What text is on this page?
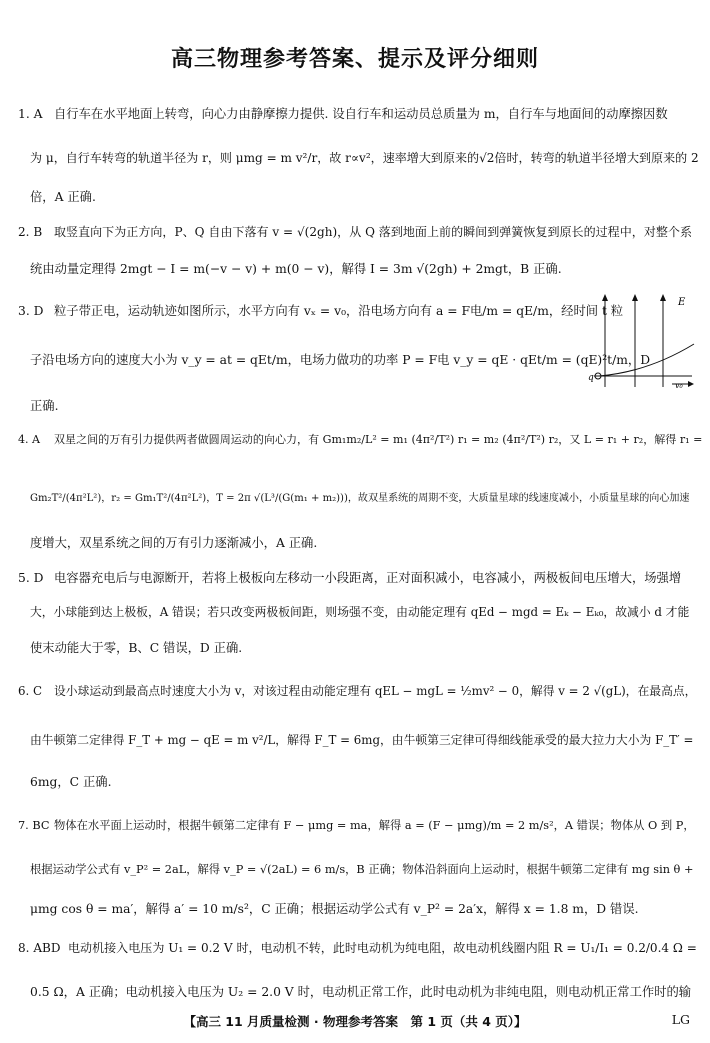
高三物理参考答案、提示及评分细则
1. A 自行车在水平地面上转弯，向心力由静摩擦力提供. 设自行车和运动员总质量为 m，自行车与地面间的动摩擦因数
为 μ，自行车转弯的轨道半径为 r，则 μmg = m v²/r，故 r∝v²，速率增大到原来的√2倍时，转弯的轨道半径增大到原来的 2
倍，A 正确.
2. B 取竖直向下为正方向，P、Q 自由下落有 v = √(2gh)，从 Q 落到地面上前的瞬间到弹簧恢复到原长的过程中，对整个系
统由动量定理得 2mgt − I = m(−v − v) + m(0 − v)，解得 I = 3m √(2gh) + 2mgt，B 正确.
3. D 粒子带正电，运动轨迹如图所示，水平方向有 vₓ = v₀，沿电场方向有 a = F电/m = qE/m，经时间 t 粒
子沿电场方向的速度大小为 v_y = at = qEt/m，电场力做功的功率 P = F电 v_y = qE · qEt/m = (qE)²t/m，D
正确.
E
q
v₀
4. A 双星之间的万有引力提供两者做圆周运动的向心力，有 Gm₁m₂/L² = m₁ (4π²/T²) r₁ = m₂ (4π²/T²) r₂，又 L = r₁ + r₂，解得 r₁ =
Gm₂T²/(4π²L²)，r₂ = Gm₁T²/(4π²L²)，T = 2π √(L³/(G(m₁ + m₂)))，故双星系统的周期不变，大质量星球的线速度减小，小质量星球的向心加速
度增大，双星系统之间的万有引力逐渐减小，A 正确.
5. D 电容器充电后与电源断开，若将上极板向左移动一小段距离，正对面积减小，电容减小，两极板间电压增大，场强增
大，小球能到达上极板，A 错误；若只改变两极板间距，则场强不变，由动能定理有 qEd − mgd = Eₖ − Eₖ₀，故减小 d 才能
使末动能大于零，B、C 错误，D 正确.
6. C 设小球运动到最高点时速度大小为 v，对该过程由动能定理有 qEL − mgL = ½mv² − 0，解得 v = 2 √(gL)，在最高点，
由牛顿第二定律得 F_T + mg − qE = m v²/L，解得 F_T = 6mg，由牛顿第三定律可得细线能承受的最大拉力大小为 F_T′ =
6mg，C 正确.
7. BC 物体在水平面上运动时，根据牛顿第二定律有 F − μmg = ma，解得 a = (F − μmg)/m = 2 m/s²，A 错误；物体从 O 到 P，
根据运动学公式有 v_P² = 2aL，解得 v_P = √(2aL) = 6 m/s，B 正确；物体沿斜面向上运动时，根据牛顿第二定律有 mg sin θ +
μmg cos θ = ma′，解得 a′ = 10 m/s²，C 正确；根据运动学公式有 v_P² = 2a′x，解得 x = 1.8 m，D 错误.
8. ABD 电动机接入电压为 U₁ = 0.2 V 时，电动机不转，此时电动机为纯电阻，故电动机线圈内阻 R = U₁/I₁ = 0.2/0.4 Ω =
0.5 Ω，A 正确；电动机接入电压为 U₂ = 2.0 V 时，电动机正常工作，此时电动机为非纯电阻，则电动机正常工作时的输
【高三 11 月质量检测 · 物理参考答案　第 1 页（共 4 页）】	LG
